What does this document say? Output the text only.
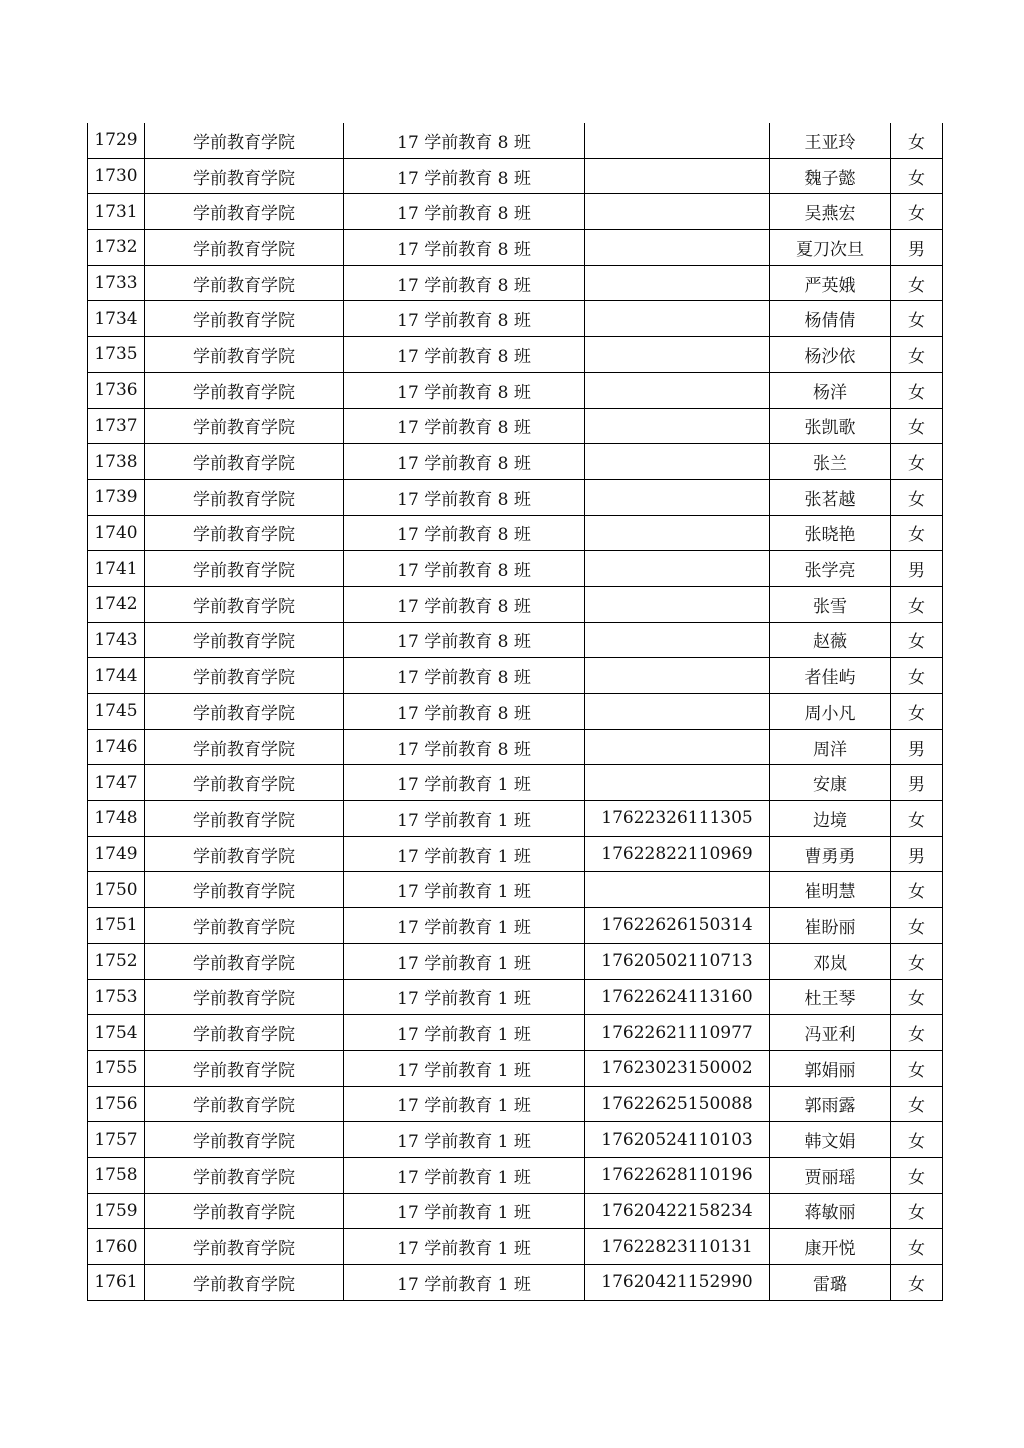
1729	学前教育学院	17 学前教育 8 班		王亚玲	女
1730	学前教育学院	17 学前教育 8 班		魏子懿	女
1731	学前教育学院	17 学前教育 8 班		吴燕宏	女
1732	学前教育学院	17 学前教育 8 班		夏刀次旦	男
1733	学前教育学院	17 学前教育 8 班		严英娥	女
1734	学前教育学院	17 学前教育 8 班		杨倩倩	女
1735	学前教育学院	17 学前教育 8 班		杨沙依	女
1736	学前教育学院	17 学前教育 8 班		杨洋	女
1737	学前教育学院	17 学前教育 8 班		张凯歌	女
1738	学前教育学院	17 学前教育 8 班		张兰	女
1739	学前教育学院	17 学前教育 8 班		张茗越	女
1740	学前教育学院	17 学前教育 8 班		张晓艳	女
1741	学前教育学院	17 学前教育 8 班		张学亮	男
1742	学前教育学院	17 学前教育 8 班		张雪	女
1743	学前教育学院	17 学前教育 8 班		赵薇	女
1744	学前教育学院	17 学前教育 8 班		者佳屿	女
1745	学前教育学院	17 学前教育 8 班		周小凡	女
1746	学前教育学院	17 学前教育 8 班		周洋	男
1747	学前教育学院	17 学前教育 1 班		安康	男
1748	学前教育学院	17 学前教育 1 班	17622326111305	边境	女
1749	学前教育学院	17 学前教育 1 班	17622822110969	曹勇勇	男
1750	学前教育学院	17 学前教育 1 班		崔明慧	女
1751	学前教育学院	17 学前教育 1 班	17622626150314	崔盼丽	女
1752	学前教育学院	17 学前教育 1 班	17620502110713	邓岚	女
1753	学前教育学院	17 学前教育 1 班	17622624113160	杜王琴	女
1754	学前教育学院	17 学前教育 1 班	17622621110977	冯亚利	女
1755	学前教育学院	17 学前教育 1 班	17623023150002	郭娟丽	女
1756	学前教育学院	17 学前教育 1 班	17622625150088	郭雨露	女
1757	学前教育学院	17 学前教育 1 班	17620524110103	韩文娟	女
1758	学前教育学院	17 学前教育 1 班	17622628110196	贾丽瑶	女
1759	学前教育学院	17 学前教育 1 班	17620422158234	蒋敏丽	女
1760	学前教育学院	17 学前教育 1 班	17622823110131	康开悦	女
1761	学前教育学院	17 学前教育 1 班	17620421152990	雷璐	女
